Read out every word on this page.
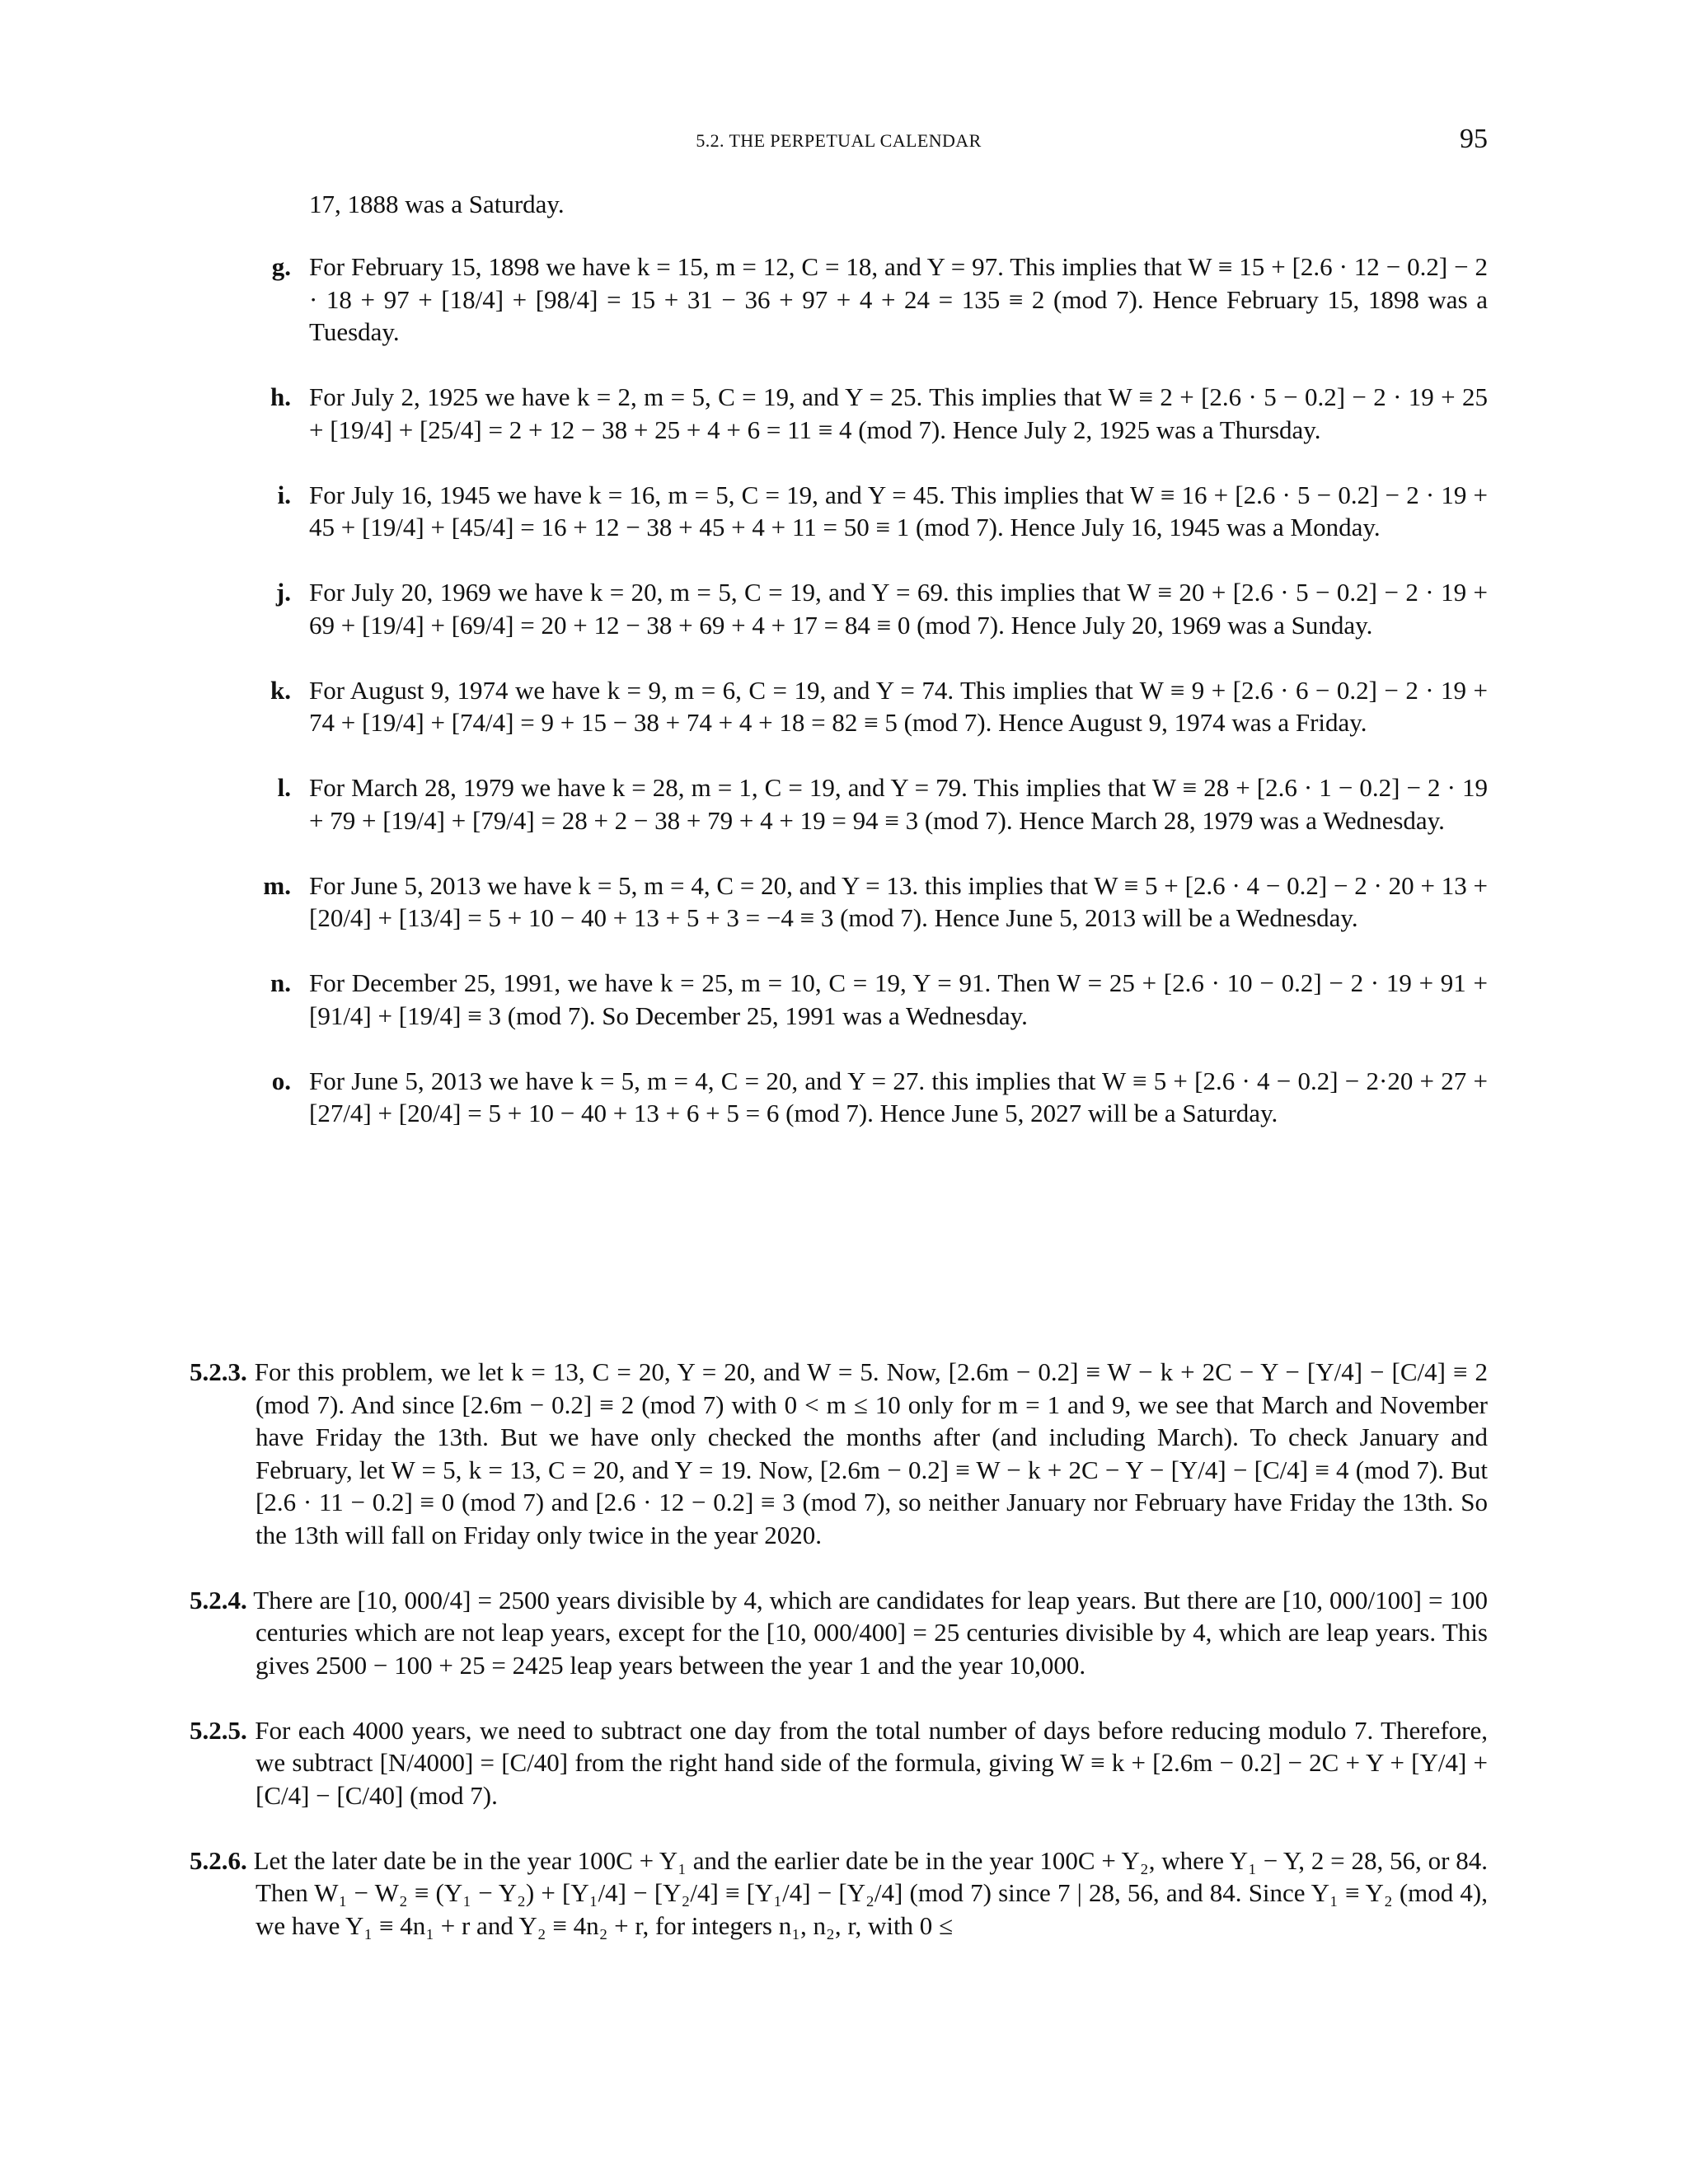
5.2. THE PERPETUAL CALENDAR	95
17, 1888 was a Saturday.
g. For February 15, 1898 we have k = 15, m = 12, C = 18, and Y = 97. This implies that W ≡ 15 + [2.6 · 12 − 0.2] − 2 · 18 + 97 + [18/4] + [98/4] = 15 + 31 − 36 + 97 + 4 + 24 = 135 ≡ 2 (mod 7). Hence February 15, 1898 was a Tuesday.
h. For July 2, 1925 we have k = 2, m = 5, C = 19, and Y = 25. This implies that W ≡ 2 + [2.6 · 5 − 0.2] − 2 · 19 + 25 + [19/4] + [25/4] = 2 + 12 − 38 + 25 + 4 + 6 = 11 ≡ 4 (mod 7). Hence July 2, 1925 was a Thursday.
i. For July 16, 1945 we have k = 16, m = 5, C = 19, and Y = 45. This implies that W ≡ 16 + [2.6 · 5 − 0.2] − 2 · 19 + 45 + [19/4] + [45/4] = 16 + 12 − 38 + 45 + 4 + 11 = 50 ≡ 1 (mod 7). Hence July 16, 1945 was a Monday.
j. For July 20, 1969 we have k = 20, m = 5, C = 19, and Y = 69. this implies that W ≡ 20 + [2.6 · 5 − 0.2] − 2 · 19 + 69 + [19/4] + [69/4] = 20 + 12 − 38 + 69 + 4 + 17 = 84 ≡ 0 (mod 7). Hence July 20, 1969 was a Sunday.
k. For August 9, 1974 we have k = 9, m = 6, C = 19, and Y = 74. This implies that W ≡ 9 + [2.6 · 6 − 0.2] − 2 · 19 + 74 + [19/4] + [74/4] = 9 + 15 − 38 + 74 + 4 + 18 = 82 ≡ 5 (mod 7). Hence August 9, 1974 was a Friday.
l. For March 28, 1979 we have k = 28, m = 1, C = 19, and Y = 79. This implies that W ≡ 28 + [2.6 · 1 − 0.2] − 2 · 19 + 79 + [19/4] + [79/4] = 28 + 2 − 38 + 79 + 4 + 19 = 94 ≡ 3 (mod 7). Hence March 28, 1979 was a Wednesday.
m. For June 5, 2013 we have k = 5, m = 4, C = 20, and Y = 13. this implies that W ≡ 5 + [2.6 · 4 − 0.2] − 2 · 20 + 13 + [20/4] + [13/4] = 5 + 10 − 40 + 13 + 5 + 3 = −4 ≡ 3 (mod 7). Hence June 5, 2013 will be a Wednesday.
n. For December 25, 1991, we have k = 25, m = 10, C = 19, Y = 91. Then W = 25 + [2.6 · 10 − 0.2] − 2 · 19 + 91 + [91/4] + [19/4] ≡ 3 (mod 7). So December 25, 1991 was a Wednesday.
o. For June 5, 2013 we have k = 5, m = 4, C = 20, and Y = 27. this implies that W ≡ 5 + [2.6 · 4 − 0.2] − 2·20 + 27 + [27/4] + [20/4] = 5 + 10 − 40 + 13 + 6 + 5 = 6 (mod 7). Hence June 5, 2027 will be a Saturday.

5.2.3. For this problem, we let k = 13, C = 20, Y = 20, and W = 5. Now, [2.6m − 0.2] ≡ W − k + 2C − Y − [Y/4] − [C/4] ≡ 2 (mod 7). And since [2.6m − 0.2] ≡ 2 (mod 7) with 0 < m ≤ 10 only for m = 1 and 9, we see that March and November have Friday the 13th. But we have only checked the months after (and including March). To check January and February, let W = 5, k = 13, C = 20, and Y = 19. Now, [2.6m − 0.2] ≡ W − k + 2C − Y − [Y/4] − [C/4] ≡ 4 (mod 7). But [2.6 · 11 − 0.2] ≡ 0 (mod 7) and [2.6 · 12 − 0.2] ≡ 3 (mod 7), so neither January nor February have Friday the 13th. So the 13th will fall on Friday only twice in the year 2020.

5.2.4. There are [10, 000/4] = 2500 years divisible by 4, which are candidates for leap years. But there are [10, 000/100] = 100 centuries which are not leap years, except for the [10, 000/400] = 25 centuries divisible by 4, which are leap years. This gives 2500 − 100 + 25 = 2425 leap years between the year 1 and the year 10,000.

5.2.5. For each 4000 years, we need to subtract one day from the total number of days before reducing modulo 7. Therefore, we subtract [N/4000] = [C/40] from the right hand side of the formula, giving W ≡ k + [2.6m − 0.2] − 2C + Y + [Y/4] + [C/4] − [C/40] (mod 7).

5.2.6. Let the later date be in the year 100C + Y₁ and the earlier date be in the year 100C + Y₂, where Y₁ − Y, 2 = 28, 56, or 84. Then W₁ − W₂ ≡ (Y₁ − Y₂) + [Y₁/4] − [Y₂/4] ≡ [Y₁/4] − [Y₂/4] (mod 7) since 7 | 28, 56, and 84. Since Y₁ ≡ Y₂ (mod 4), we have Y₁ ≡ 4n₁ + r and Y₂ ≡ 4n₂ + r, for integers n₁, n₂, r, with 0 ≤
